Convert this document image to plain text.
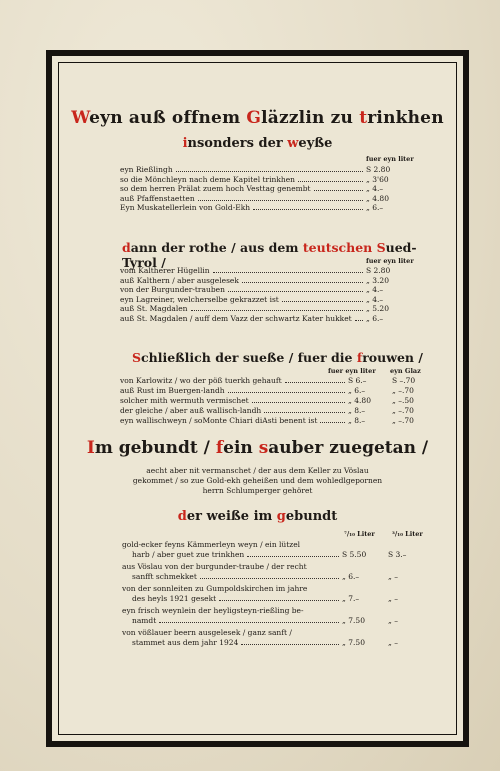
Weyn auß offnem Gläzzlin zu trinkhen
insonders der weyße
fuer eyn liter
eyn Rießlingh	S 2.80
so die Mönchleyn nach deme Kapitel trinkhen	„ 3'60
so dem herren Prälat zuem hoch Vesttag genembt	„ 4.–
auß Pfaffenstaetten	„ 4.80
Eyn Muskatellerlein von Gold-Ekh	„ 6.–
dann der rothe / aus dem teutschen Sued-Tyrol /	fuer eyn liter
vom Kaltherer Hügellin	S 2.80
auß Kalthern / aber ausgelesek	„ 3.20
von der Burgunder-trauben	„ 4.–
eyn Lagreiner, welcherselbe gekrazzet ist	„ 4.–
auß St. Magdalen	„ 5.20
auß St. Magdalen / auff dem Vazz der schwartz Kater hukket „ 6.–
Schließlich der sueße / fuer die frouwen /
fuer eyn liter eyn Glaz
von Karlowitz / wo der pöß tuerkh gehauft	S 6.–	S –.70
auß Rust im Buergen-landh	„ 6.–	„ –.70
solcher mith wermuth vermischet	„ 4.80	„ –.50
der gleiche / aber auß wallisch-landh	„ 8.–	„ –.70
eyn wallischweyn / soMonte Chiari diAsti benent ist	„ 8.–	„ –.70
Im gebundt / fein sauber zuegetan /
aecht aber nit vermanschet / der aus dem Keller zu Vöslau gekommet / so zue Gold-ekh geheißen und dem wohledlgepornen herrn Schlumperger gehöret
der weiße im gebundt
⁷/₁₀ Liter	³/₁₀ Liter
gold-ecker feyns Kämmerleyn weyn / ein lützel
harb / aber guet zue trinkhen	S 5.50	S 3.–
aus Vöslau von der burgunder-traube / der recht
sanfft schmekket	„ 6.–	„ –
von der sonnleiten zu Gumpoldskirchen im jahre
des heyls 1921 gesekt	„ 7.–	„ –
eyn frisch weynlein der heyligsteyn-rießling be-
namdt	„ 7.50	„ –
von vößlauer beern ausgelesek / ganz sanft /
stammet aus dem jahr 1924	„ 7.50	„ –
